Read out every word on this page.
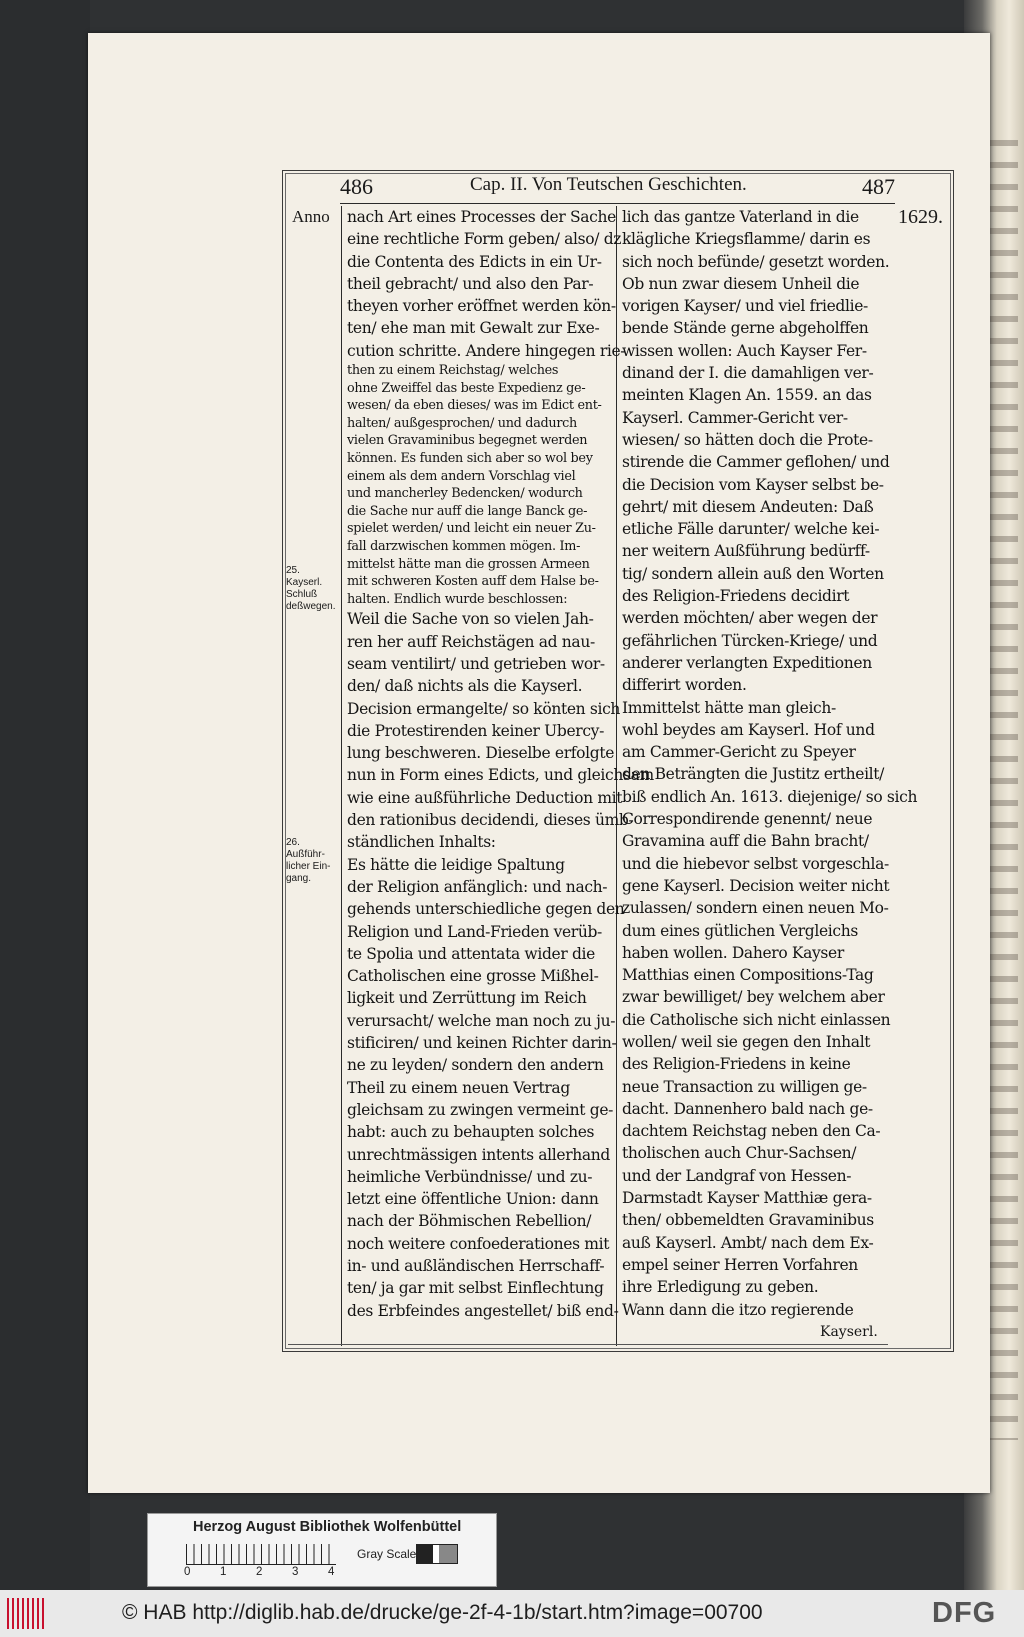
486	Cap. II. Von Teutschen Geschichten.	487
1629.
Anno
25.
Kayserl.
Schluß
deßwegen.
26.
Außführ-
licher Ein-
gang.
nach Art eines Processes der Sache
eine rechtliche Form geben/ also/ dz
die Contenta des Edicts in ein Ur-
theil gebracht/ und also den Par-
theyen vorher eröffnet werden kön-
ten/ ehe man mit Gewalt zur Exe-
cution schritte. Andere hingegen rie-
then zu einem Reichstag/ welches
ohne Zweiffel das beste Expedienz ge-
wesen/ da eben dieses/ was im Edict ent-
halten/ außgesprochen/ und dadurch
vielen Gravaminibus begegnet werden
können. Es funden sich aber so wol bey
einem als dem andern Vorschlag viel
und mancherley Bedencken/ wodurch
die Sache nur auff die lange Banck ge-
spielet werden/ und leicht ein neuer Zu-
fall darzwischen kommen mögen. Im-
mittelst hätte man die grossen Armeen
mit schweren Kosten auff dem Halse be-
halten. Endlich wurde beschlossen:
Weil die Sache von so vielen Jah-
ren her auff Reichstägen ad nau-
seam ventilirt/ und getrieben wor-
den/ daß nichts als die Kayserl.
Decision ermangelte/ so könten sich
die Protestirenden keiner Ubercy-
lung beschweren. Dieselbe erfolgte
nun in Form eines Edicts, und gleichsam
wie eine außführliche Deduction mit
den rationibus decidendi, dieses ümb-
ständlichen Inhalts:
Es hätte die leidige Spaltung
der Religion anfänglich: und nach-
gehends unterschiedliche gegen den
Religion und Land-Frieden verüb-
te Spolia und attentata wider die
Catholischen eine grosse Mißhel-
ligkeit und Zerrüttung im Reich
verursacht/ welche man noch zu ju-
stificiren/ und keinen Richter darin-
ne zu leyden/ sondern den andern
Theil zu einem neuen Vertrag
gleichsam zu zwingen vermeint ge-
habt: auch zu behaupten solches
unrechtmässigen intents allerhand
heimliche Verbündnisse/ und zu-
letzt eine öffentliche Union: dann
nach der Böhmischen Rebellion/
noch weitere confoederationes mit
in- und außländischen Herrschaff-
ten/ ja gar mit selbst Einflechtung
des Erbfeindes angestellet/ biß end-
lich das gantze Vaterland in die
klägliche Kriegsflamme/ darin es
sich noch befünde/ gesetzt worden.
Ob nun zwar diesem Unheil die
vorigen Kayser/ und viel friedlie-
bende Stände gerne abgeholffen
wissen wollen: Auch Kayser Fer-
dinand der I. die damahligen ver-
meinten Klagen An. 1559. an das
Kayserl. Cammer-Gericht ver-
wiesen/ so hätten doch die Prote-
stirende die Cammer geflohen/ und
die Decision vom Kayser selbst be-
gehrt/ mit diesem Andeuten: Daß
etliche Fälle darunter/ welche kei-
ner weitern Außführung bedürff-
tig/ sondern allein auß den Worten
des Religion-Friedens decidirt
werden möchten/ aber wegen der
gefährlichen Türcken-Kriege/ und
anderer verlangten Expeditionen
differirt worden.
Immittelst hätte man gleich-
wohl beydes am Kayserl. Hof und
am Cammer-Gericht zu Speyer
den Beträngten die Justitz ertheilt/
biß endlich An. 1613. diejenige/ so sich
Correspondirende genennt/ neue
Gravamina auff die Bahn bracht/
und die hiebevor selbst vorgeschla-
gene Kayserl. Decision weiter nicht
zulassen/ sondern einen neuen Mo-
dum eines gütlichen Vergleichs
haben wollen. Dahero Kayser
Matthias einen Compositions-Tag
zwar bewilliget/ bey welchem aber
die Catholische sich nicht einlassen
wollen/ weil sie gegen den Inhalt
des Religion-Friedens in keine
neue Transaction zu willigen ge-
dacht. Dannenhero bald nach ge-
dachtem Reichstag neben den Ca-
tholischen auch Chur-Sachsen/
und der Landgraf von Hessen-
Darmstadt Kayser Matthiæ gera-
then/ obbemeldten Gravaminibus
auß Kayserl. Ambt/ nach dem Ex-
empel seiner Herren Vorfahren
ihre Erledigung zu geben.
Wann dann die itzo regierende
Kayserl.
Herzog August Bibliothek Wolfenbüttel
0	1	2	3	4
Gray Scale
© HAB http://diglib.hab.de/drucke/ge-2f-4-1b/start.htm?image=00700	DFG
